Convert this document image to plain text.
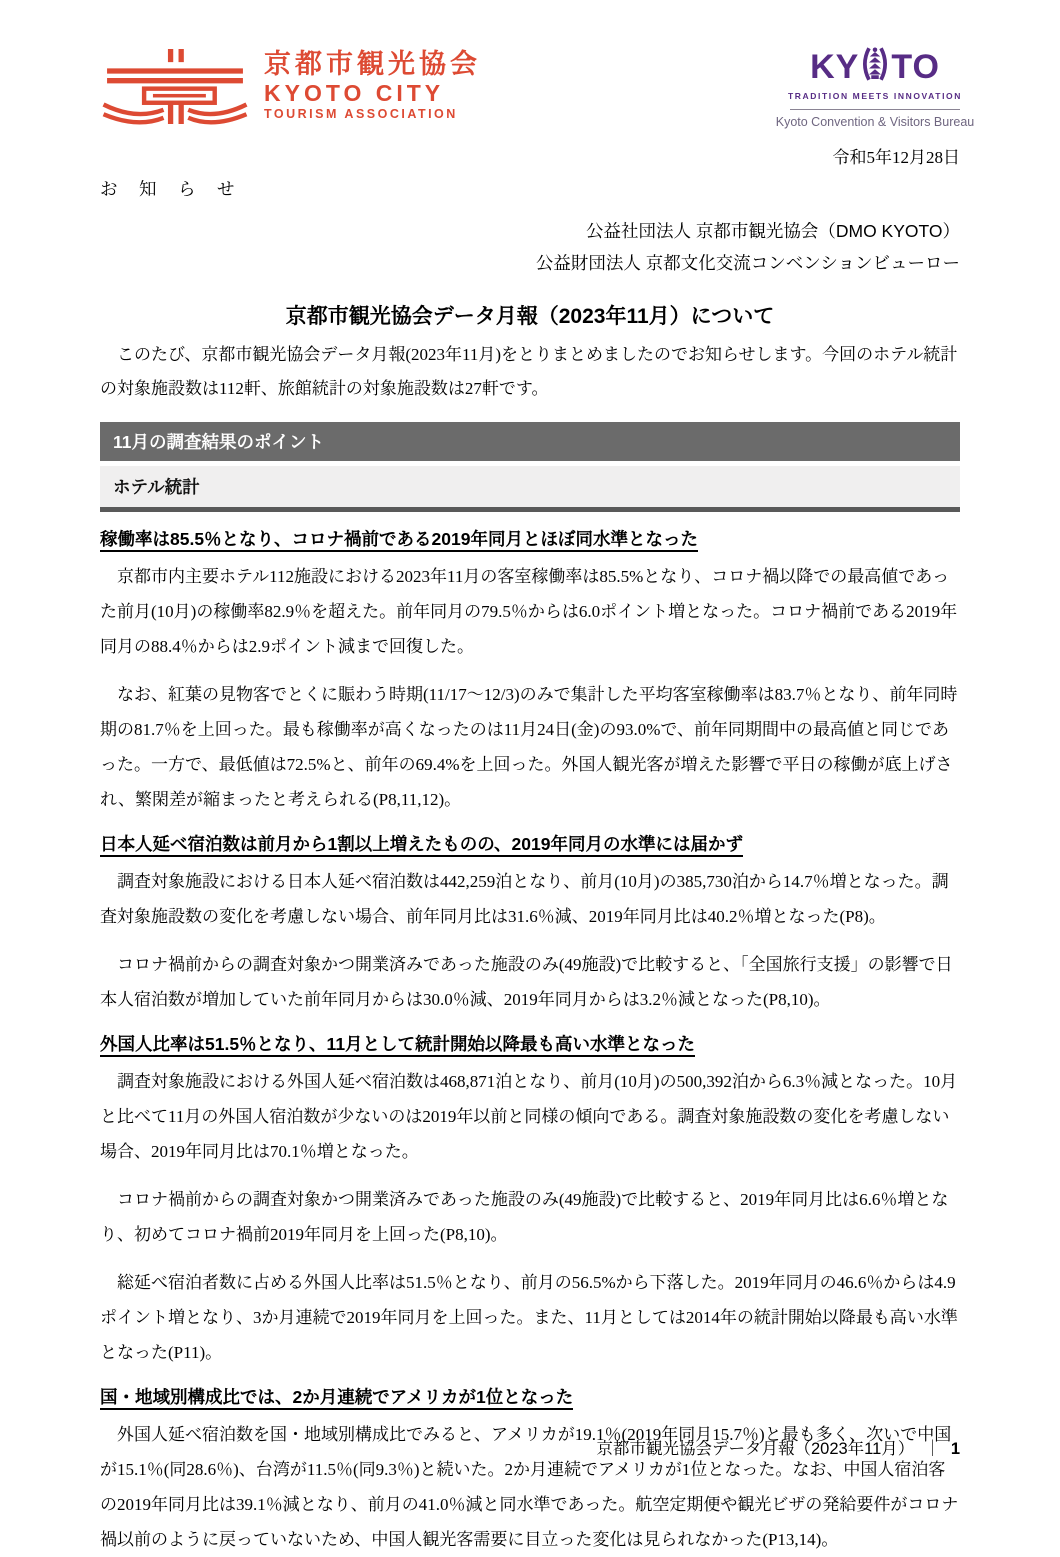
京都市観光協会
KYOTO CITY
TOURISM ASSOCIATION
KY TO
TRADITION MEETS INNOVATION
Kyoto Convention & Visitors Bureau
令和5年12月28日
お　知　ら　せ
公益社団法人 京都市観光協会（DMO KYOTO）
公益財団法人 京都文化交流コンベンションビューロー
京都市観光協会データ月報（2023年11月）について

このたび、京都市観光協会データ月報(2023年11月)をとりまとめましたのでお知らせします。今回のホテル統計の対象施設数は112軒、旅館統計の対象施設数は27軒です。

11月の調査結果のポイント
ホテル統計
稼働率は85.5％となり、コロナ禍前である2019年同月とほぼ同水準となった

京都市内主要ホテル112施設における2023年11月の客室稼働率は85.5%となり、コロナ禍以降での最高値であった前月(10月)の稼働率82.9％を超えた。前年同月の79.5％からは6.0ポイント増となった。コロナ禍前である2019年同月の88.4％からは2.9ポイント減まで回復した。

なお、紅葉の見物客でとくに賑わう時期(11/17～12/3)のみで集計した平均客室稼働率は83.7％となり、前年同時期の81.7％を上回った。最も稼働率が高くなったのは11月24日(金)の93.0%で、前年同期間中の最高値と同じであった。一方で、最低値は72.5%と、前年の69.4%を上回った。外国人観光客が増えた影響で平日の稼働が底上げされ、繁閑差が縮まったと考えられる(P8,11,12)。

日本人延べ宿泊数は前月から1割以上増えたものの、2019年同月の水準には届かず

調査対象施設における日本人延べ宿泊数は442,259泊となり、前月(10月)の385,730泊から14.7％増となった。調査対象施設数の変化を考慮しない場合、前年同月比は31.6％減、2019年同月比は40.2％増となった(P8)。

コロナ禍前からの調査対象かつ開業済みであった施設のみ(49施設)で比較すると、「全国旅行支援」の影響で日本人宿泊数が増加していた前年同月からは30.0％減、2019年同月からは3.2％減となった(P8,10)。

外国人比率は51.5％となり、11月として統計開始以降最も高い水準となった

調査対象施設における外国人延べ宿泊数は468,871泊となり、前月(10月)の500,392泊から6.3％減となった。10月と比べて11月の外国人宿泊数が少ないのは2019年以前と同様の傾向である。調査対象施設数の変化を考慮しない場合、2019年同月比は70.1％増となった。

コロナ禍前からの調査対象かつ開業済みであった施設のみ(49施設)で比較すると、2019年同月比は6.6％増となり、初めてコロナ禍前2019年同月を上回った(P8,10)。

総延べ宿泊者数に占める外国人比率は51.5％となり、前月の56.5%から下落した。2019年同月の46.6％からは4.9ポイント増となり、3か月連続で2019年同月を上回った。また、11月としては2014年の統計開始以降最も高い水準となった(P11)。

国・地域別構成比では、2か月連続でアメリカが1位となった

外国人延べ宿泊数を国・地域別構成比でみると、アメリカが19.1％(2019年同月15.7％)と最も多く、次いで中国が15.1％(同28.6％)、台湾が11.5％(同9.3％)と続いた。2か月連続でアメリカが1位となった。なお、中国人宿泊客の2019年同月比は39.1％減となり、前月の41.0％減と同水準であった。航空定期便や観光ビザの発給要件がコロナ禍以前のように戻っていないため、中国人観光客需要に目立った変化は見られなかった(P13,14)。

京都市観光協会データ月報（2023年11月） ｜ 1
